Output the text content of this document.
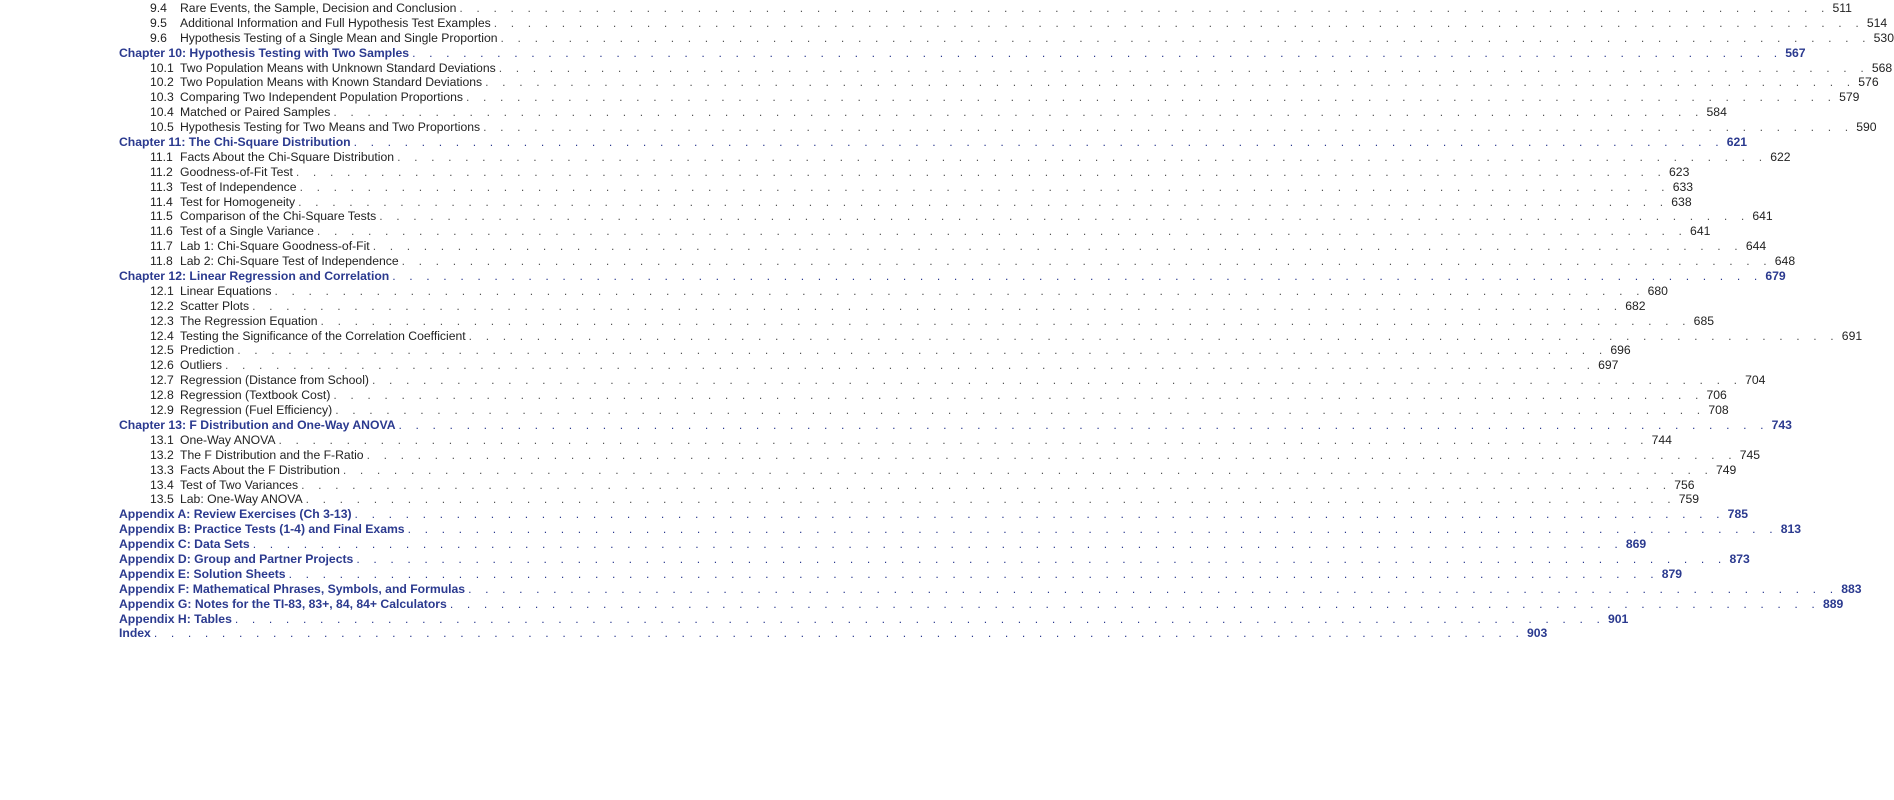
9.4	Rare Events, the Sample, Decision and Conclusion . . .	511
9.5	Additional Information and Full Hypothesis Test Examples . . .	514
9.6	Hypothesis Testing of a Single Mean and Single Proportion . . .	530
Chapter 10: Hypothesis Testing with Two Samples . . .	567
10.1 Two Population Means with Unknown Standard Deviations . . .	568
10.2 Two Population Means with Known Standard Deviations . . .	576
10.3 Comparing Two Independent Population Proportions . . .	579
10.4 Matched or Paired Samples . . .	584
10.5 Hypothesis Testing for Two Means and Two Proportions . . .	590
Chapter 11: The Chi-Square Distribution . . .	621
11.1 Facts About the Chi-Square Distribution . . .	622
11.2 Goodness-of-Fit Test . . .	623
11.3 Test of Independence . . .	633
11.4 Test for Homogeneity . . .	638
11.5 Comparison of the Chi-Square Tests . . .	641
11.6 Test of a Single Variance . . .	641
11.7 Lab 1: Chi-Square Goodness-of-Fit . . .	644
11.8 Lab 2: Chi-Square Test of Independence . . .	648
Chapter 12: Linear Regression and Correlation . . .	679
12.1 Linear Equations . . .	680
12.2 Scatter Plots . . .	682
12.3 The Regression Equation . . .	685
12.4 Testing the Significance of the Correlation Coefficient . . .	691
12.5 Prediction . . .	696
12.6 Outliers . . .	697
12.7 Regression (Distance from School) . . .	704
12.8 Regression (Textbook Cost) . . .	706
12.9 Regression (Fuel Efficiency) . . .	708
Chapter 13: F Distribution and One-Way ANOVA . . .	743
13.1 One-Way ANOVA . . .	744
13.2 The F Distribution and the F-Ratio . . .	745
13.3 Facts About the F Distribution . . .	749
13.4 Test of Two Variances . . .	756
13.5 Lab: One-Way ANOVA . . .	759
Appendix A: Review Exercises (Ch 3-13) . . .	785
Appendix B: Practice Tests (1-4) and Final Exams . . .	813
Appendix C: Data Sets . . .	869
Appendix D: Group and Partner Projects . . .	873
Appendix E: Solution Sheets . . .	879
Appendix F: Mathematical Phrases, Symbols, and Formulas . . .	883
Appendix G: Notes for the TI-83, 83+, 84, 84+ Calculators . . .	889
Appendix H: Tables . . .	901
Index . . .	903
